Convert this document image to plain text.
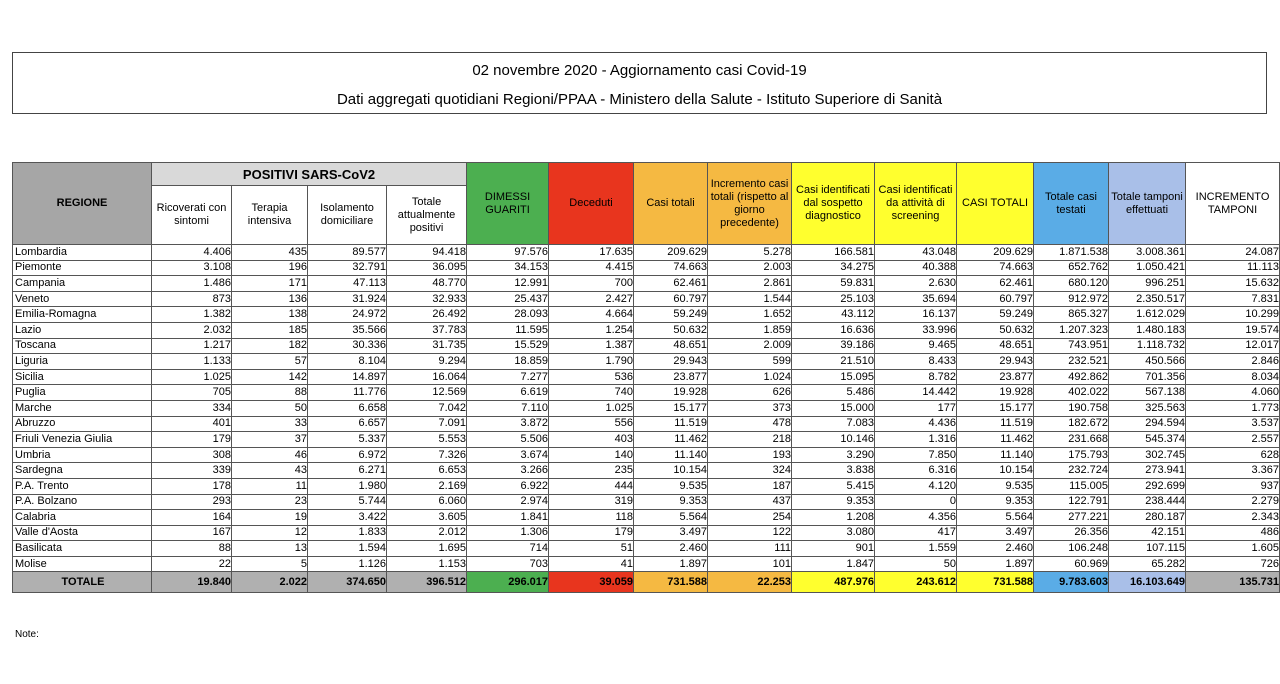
02 novembre 2020 - Aggiornamento casi Covid-19
Dati aggregati quotidiani Regioni/PPAA - Ministero della Salute - Istituto Superiore di Sanità
REGIONE	POSITIVI SARS-CoV2				DIMESSI GUARITI	Deceduti	Casi totali	Incremento casi totali (rispetto al giorno precedente)	Casi identificati dal sospetto diagnostico	Casi identificati da attività di screening	CASI TOTALI	Totale casi testati	Totale tamponi effettuati	INCREMENTO TAMPONI
	Ricoverati con sintomi	Terapia intensiva	Isolamento domiciliare	Totale attualmente positivi										
Lombardia	4.406	435	89.577	94.418	97.576	17.635	209.629	5.278	166.581	43.048	209.629	1.871.538	3.008.361	24.087
Piemonte	3.108	196	32.791	36.095	34.153	4.415	74.663	2.003	34.275	40.388	74.663	652.762	1.050.421	11.113
Campania	1.486	171	47.113	48.770	12.991	700	62.461	2.861	59.831	2.630	62.461	680.120	996.251	15.632
Veneto	873	136	31.924	32.933	25.437	2.427	60.797	1.544	25.103	35.694	60.797	912.972	2.350.517	7.831
Emilia-Romagna	1.382	138	24.972	26.492	28.093	4.664	59.249	1.652	43.112	16.137	59.249	865.327	1.612.029	10.299
Lazio	2.032	185	35.566	37.783	11.595	1.254	50.632	1.859	16.636	33.996	50.632	1.207.323	1.480.183	19.574
Toscana	1.217	182	30.336	31.735	15.529	1.387	48.651	2.009	39.186	9.465	48.651	743.951	1.118.732	12.017
Liguria	1.133	57	8.104	9.294	18.859	1.790	29.943	599	21.510	8.433	29.943	232.521	450.566	2.846
Sicilia	1.025	142	14.897	16.064	7.277	536	23.877	1.024	15.095	8.782	23.877	492.862	701.356	8.034
Puglia	705	88	11.776	12.569	6.619	740	19.928	626	5.486	14.442	19.928	402.022	567.138	4.060
Marche	334	50	6.658	7.042	7.110	1.025	15.177	373	15.000	177	15.177	190.758	325.563	1.773
Abruzzo	401	33	6.657	7.091	3.872	556	11.519	478	7.083	4.436	11.519	182.672	294.594	3.537
Friuli Venezia Giulia	179	37	5.337	5.553	5.506	403	11.462	218	10.146	1.316	11.462	231.668	545.374	2.557
Umbria	308	46	6.972	7.326	3.674	140	11.140	193	3.290	7.850	11.140	175.793	302.745	628
Sardegna	339	43	6.271	6.653	3.266	235	10.154	324	3.838	6.316	10.154	232.724	273.941	3.367
P.A. Trento	178	11	1.980	2.169	6.922	444	9.535	187	5.415	4.120	9.535	115.005	292.699	937
P.A. Bolzano	293	23	5.744	6.060	2.974	319	9.353	437	9.353	0	9.353	122.791	238.444	2.279
Calabria	164	19	3.422	3.605	1.841	118	5.564	254	1.208	4.356	5.564	277.221	280.187	2.343
Valle d'Aosta	167	12	1.833	2.012	1.306	179	3.497	122	3.080	417	3.497	26.356	42.151	486
Basilicata	88	13	1.594	1.695	714	51	2.460	111	901	1.559	2.460	106.248	107.115	1.605
Molise	22	5	1.126	1.153	703	41	1.897	101	1.847	50	1.897	60.969	65.282	726
TOTALE	19.840	2.022	374.650	396.512	296.017	39.059	731.588	22.253	487.976	243.612	731.588	9.783.603	16.103.649	135.731
Note:
